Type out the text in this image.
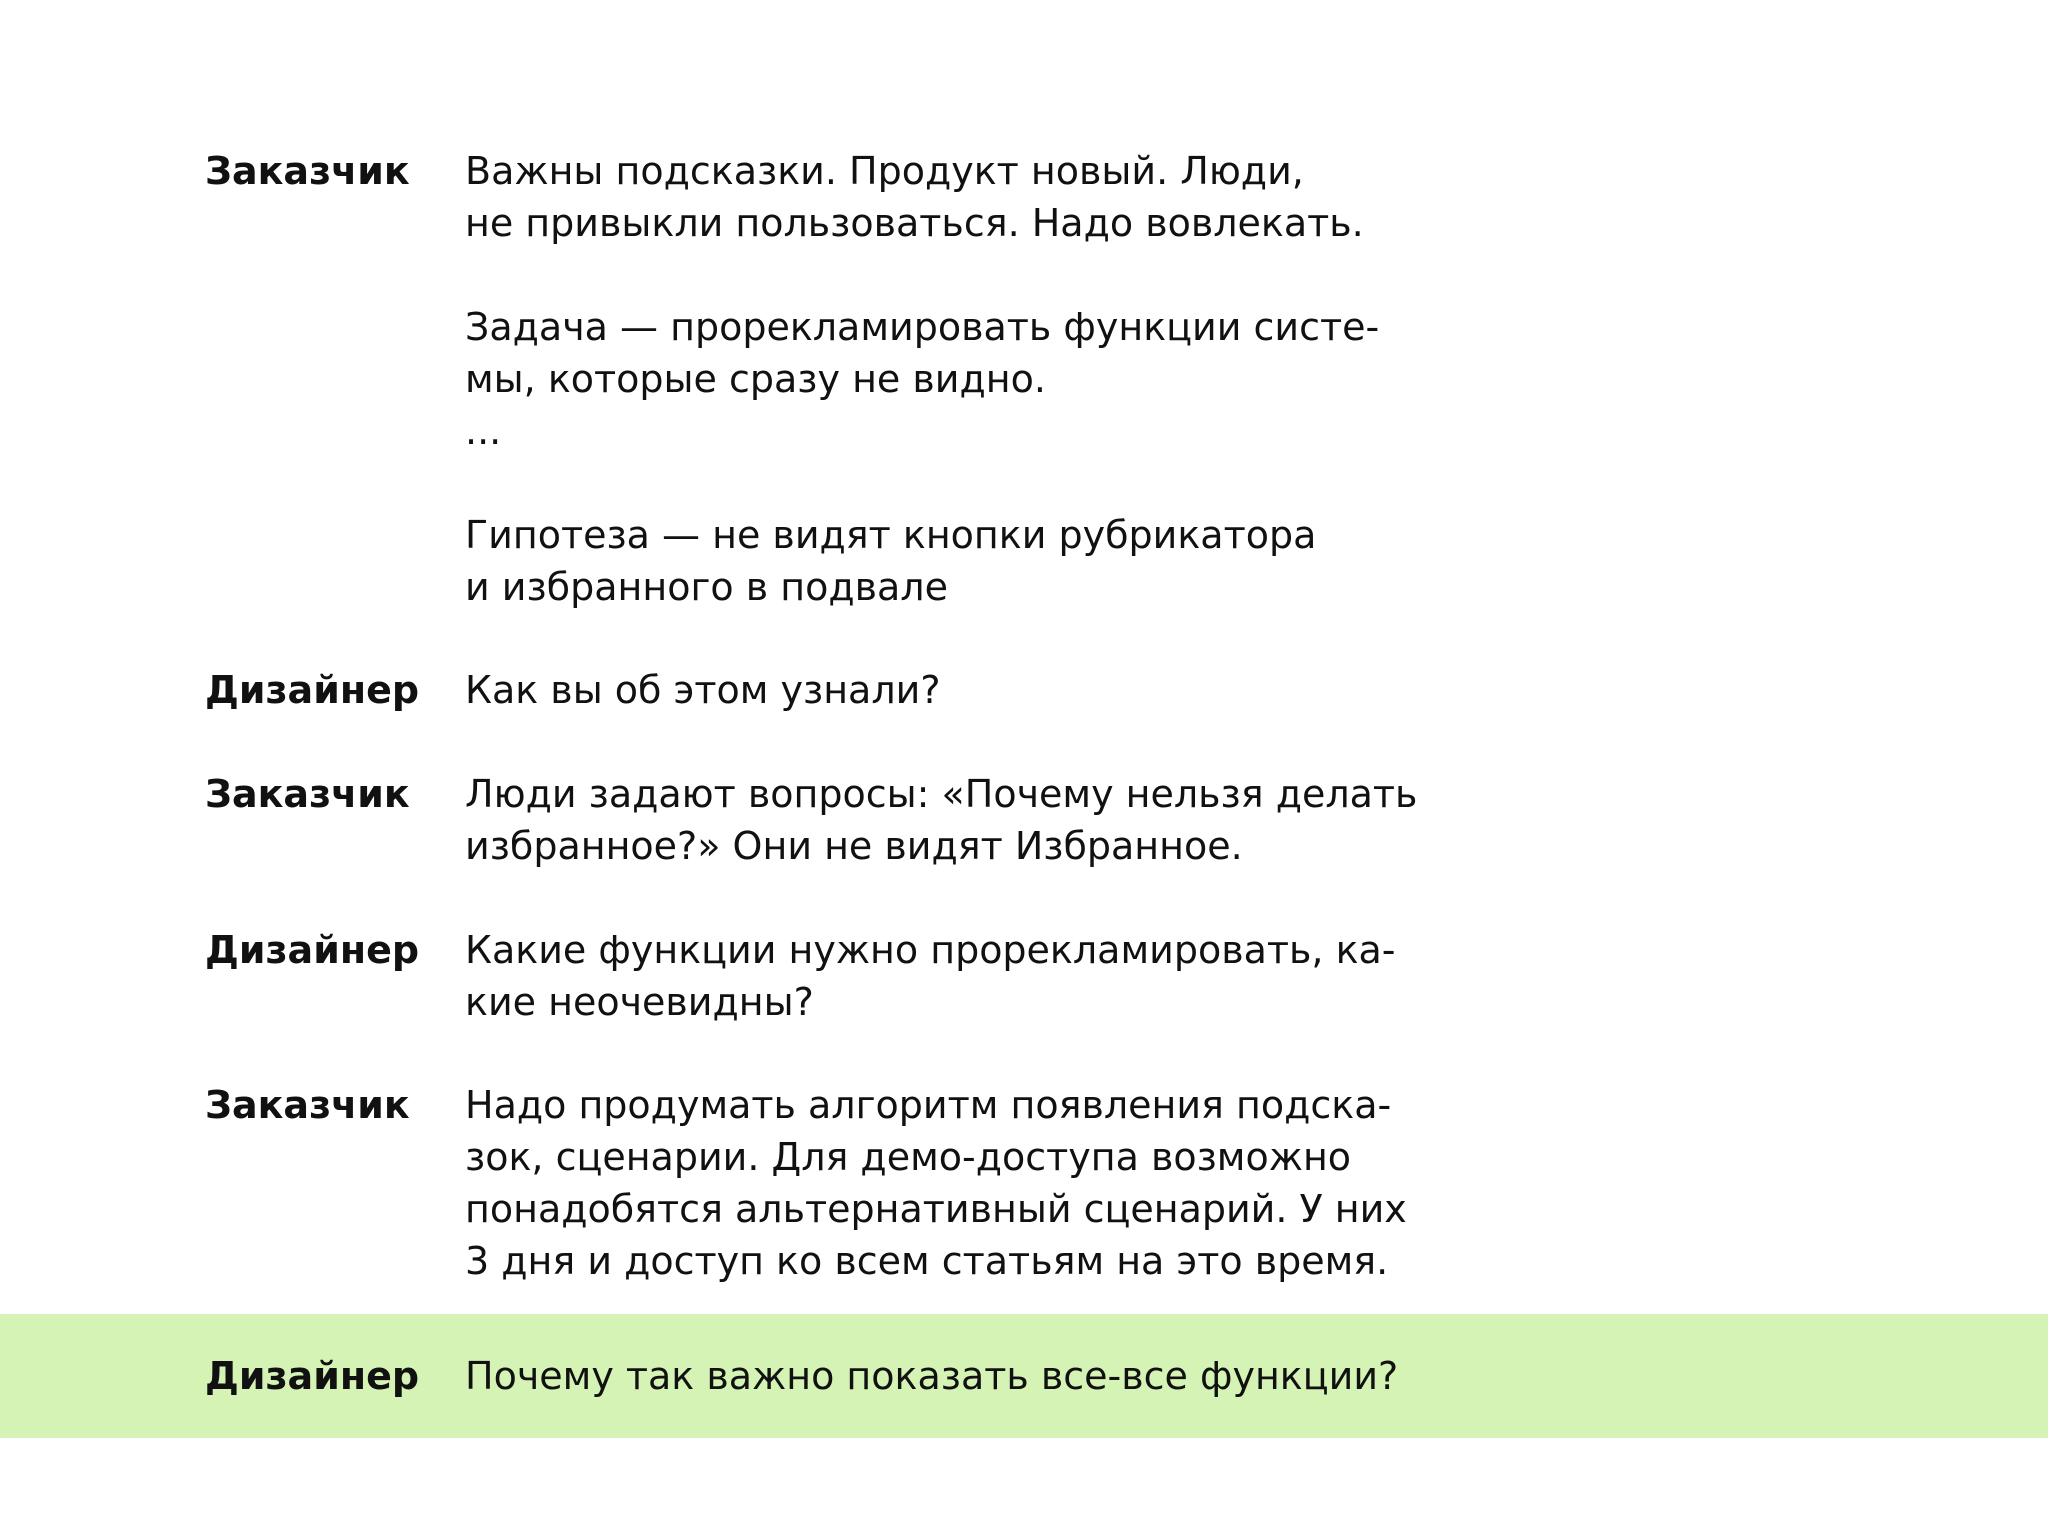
Заказчик Важны подсказки. Продукт новый. Люди,
не привыкли пользоваться. Надо вовлекать.
Задача — прорекламировать функции систе-
мы, которые сразу не видно.
...
Гипотеза — не видят кнопки рубрикатора
и избранного в подвале
Дизайнер Как вы об этом узнали?
Заказчик Люди задают вопросы: «Почему нельзя делать
избранное?» Они не видят Избранное.
Дизайнер Какие функции нужно прорекламировать, ка-
кие неочевидны?
Заказчик Надо продумать алгоритм появления подска-
зок, сценарии. Для демо-доступа возможно
понадобятся альтернативный сценарий. У них
3 дня и доступ ко всем статьям на это время.
Дизайнер Почему так важно показать все-все функции?
